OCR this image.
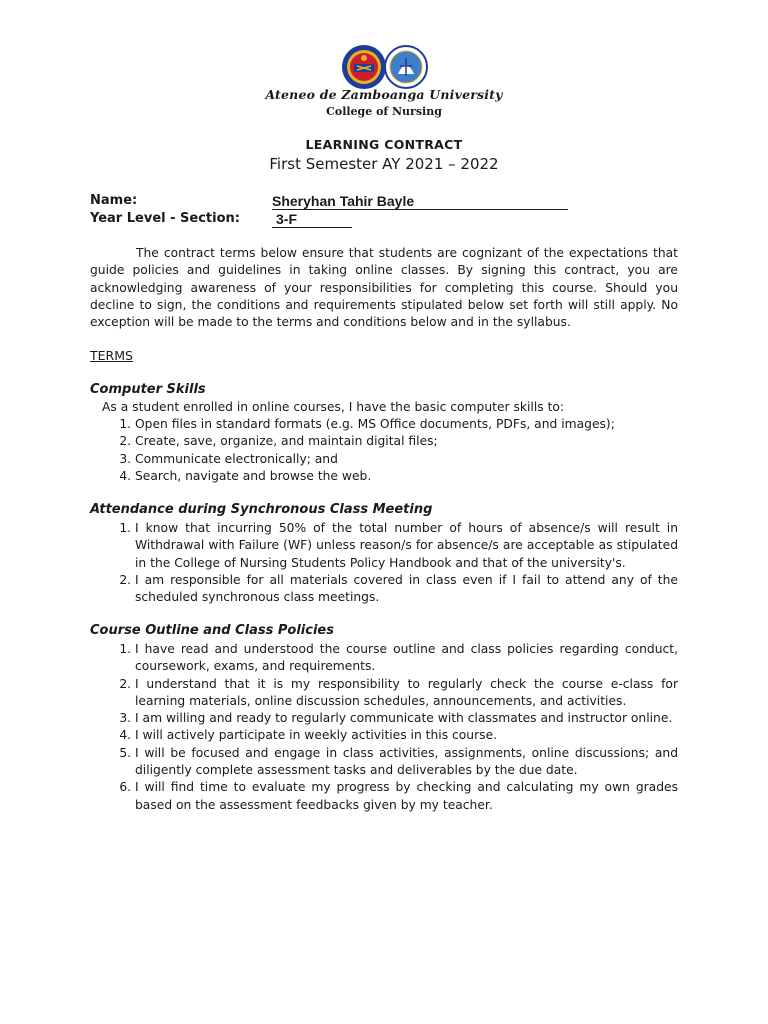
Ateneo de Zamboanga University
College of Nursing
LEARNING CONTRACT
First Semester AY 2021 – 2022
Name:	Sheryhan Tahir Bayle
Year Level - Section:	3-F

The contract terms below ensure that students are cognizant of the expectations that guide policies and guidelines in taking online classes. By signing this contract, you are acknowledging awareness of your responsibilities for completing this course. Should you decline to sign, the conditions and requirements stipulated below set forth will still apply. No exception will be made to the terms and conditions below and in the syllabus.

TERMS
Computer Skills
As a student enrolled in online courses, I have the basic computer skills to:
1. Open files in standard formats (e.g. MS Office documents, PDFs, and images);
2. Create, save, organize, and maintain digital files;
3. Communicate electronically; and
4. Search, navigate and browse the web.
Attendance during Synchronous Class Meeting
1. I know that incurring 50% of the total number of hours of absence/s will result in Withdrawal with Failure (WF) unless reason/s for absence/s are acceptable as stipulated in the College of Nursing Students Policy Handbook and that of the university's.
2. I am responsible for all materials covered in class even if I fail to attend any of the scheduled synchronous class meetings.
Course Outline and Class Policies
1. I have read and understood the course outline and class policies regarding conduct, coursework, exams, and requirements.
2. I understand that it is my responsibility to regularly check the course e-class for learning materials, online discussion schedules, announcements, and activities.
3. I am willing and ready to regularly communicate with classmates and instructor online.
4. I will actively participate in weekly activities in this course.
5. I will be focused and engage in class activities, assignments, online discussions; and diligently complete assessment tasks and deliverables by the due date.
6. I will find time to evaluate my progress by checking and calculating my own grades based on the assessment feedbacks given by my teacher.
